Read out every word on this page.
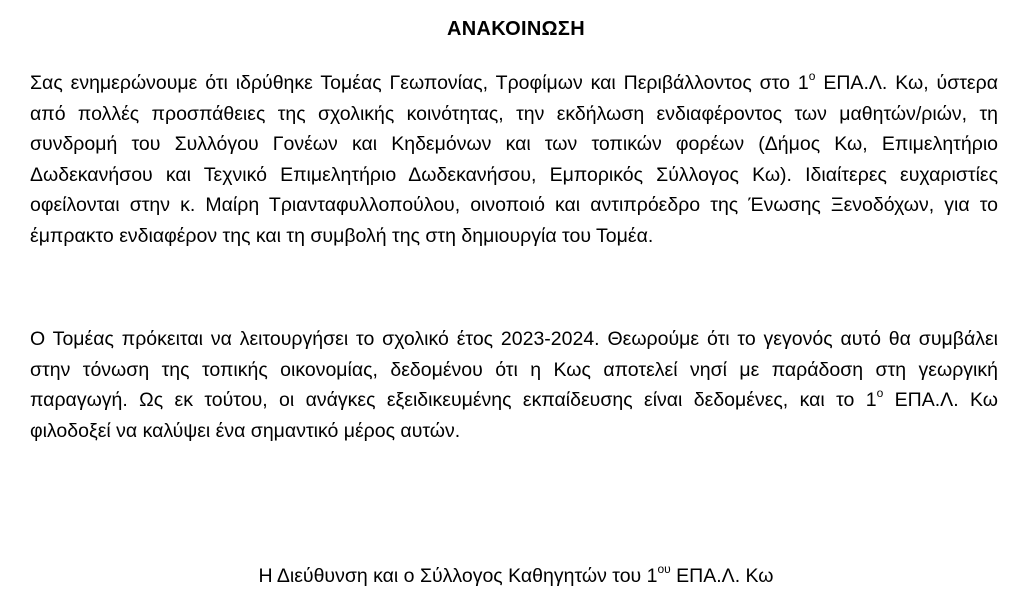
ΑΝΑΚΟΙΝΩΣΗ

Σας ενημερώνουμε ότι ιδρύθηκε Τομέας Γεωπονίας, Τροφίμων και Περιβάλλοντος στο $1^o$ ΕΠΑ.Λ. Κω, ύστερα από πολλές προσπάθειες της σχολικής κοινότητας, την εκδήλωση ενδιαφέροντος των μαθητών/ριών, τη συνδρομή του Συλλόγου Γονέων και Κηδεμόνων και των τοπικών φορέων (Δήμος Κω, Επιμελητήριο Δωδεκανήσου και Τεχνικό Επιμελητήριο Δωδεκανήσου, Εμπορικός Σύλλογος Κω). Ιδιαίτερες ευχαριστίες οφείλονται στην κ. Μαίρη Τριανταφυλλοπούλου, οινοποιό και αντιπρόεδρο της Ένωσης Ξενοδόχων, για το έμπρακτο ενδιαφέρον της και τη συμβολή της στη δημιουργία του Τομέα.

Ο Τομέας πρόκειται να λειτουργήσει το σχολικό έτος 2023-2024. Θεωρούμε ότι το γεγονός αυτό θα συμβάλει στην τόνωση της τοπικής οικονομίας, δεδομένου ότι η Κως αποτελεί νησί με παράδοση στη γεωργική παραγωγή. Ως εκ τούτου, οι ανάγκες εξειδικευμένης εκπαίδευσης είναι δεδομένες, και το $1^o$ ΕΠΑ.Λ. Κω φιλοδοξεί να καλύψει ένα σημαντικό μέρος αυτών.

Η Διεύθυνση και ο Σύλλογος Καθηγητών του $1^{o\upsilon}$ ΕΠΑ.Λ. Κω
